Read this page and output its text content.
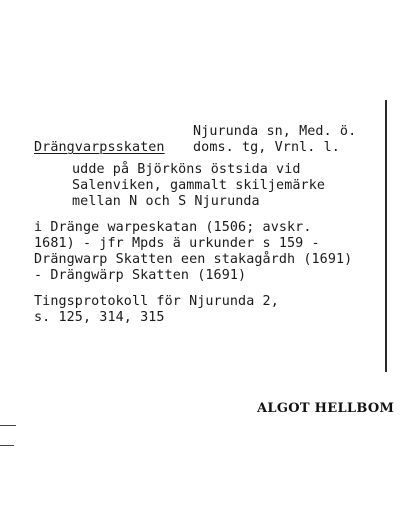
Njurunda sn, Med. ö.
Drängvarpsskaten doms. tg, Vrnl. l.
udde på Björköns östsida vid
Salenviken, gammalt skiljemärke
mellan N och S Njurunda
i Dränge warpeskatan (1506; avskr.
1681) - jfr Mpds ä urkunder s 159 -
Drängwarp Skatten een stakagårdh (1691)
- Drängwärp Skatten (1691)
Tingsprotokoll för Njurunda 2,
s. 125, 314, 315
ALGOT HELLBOM
